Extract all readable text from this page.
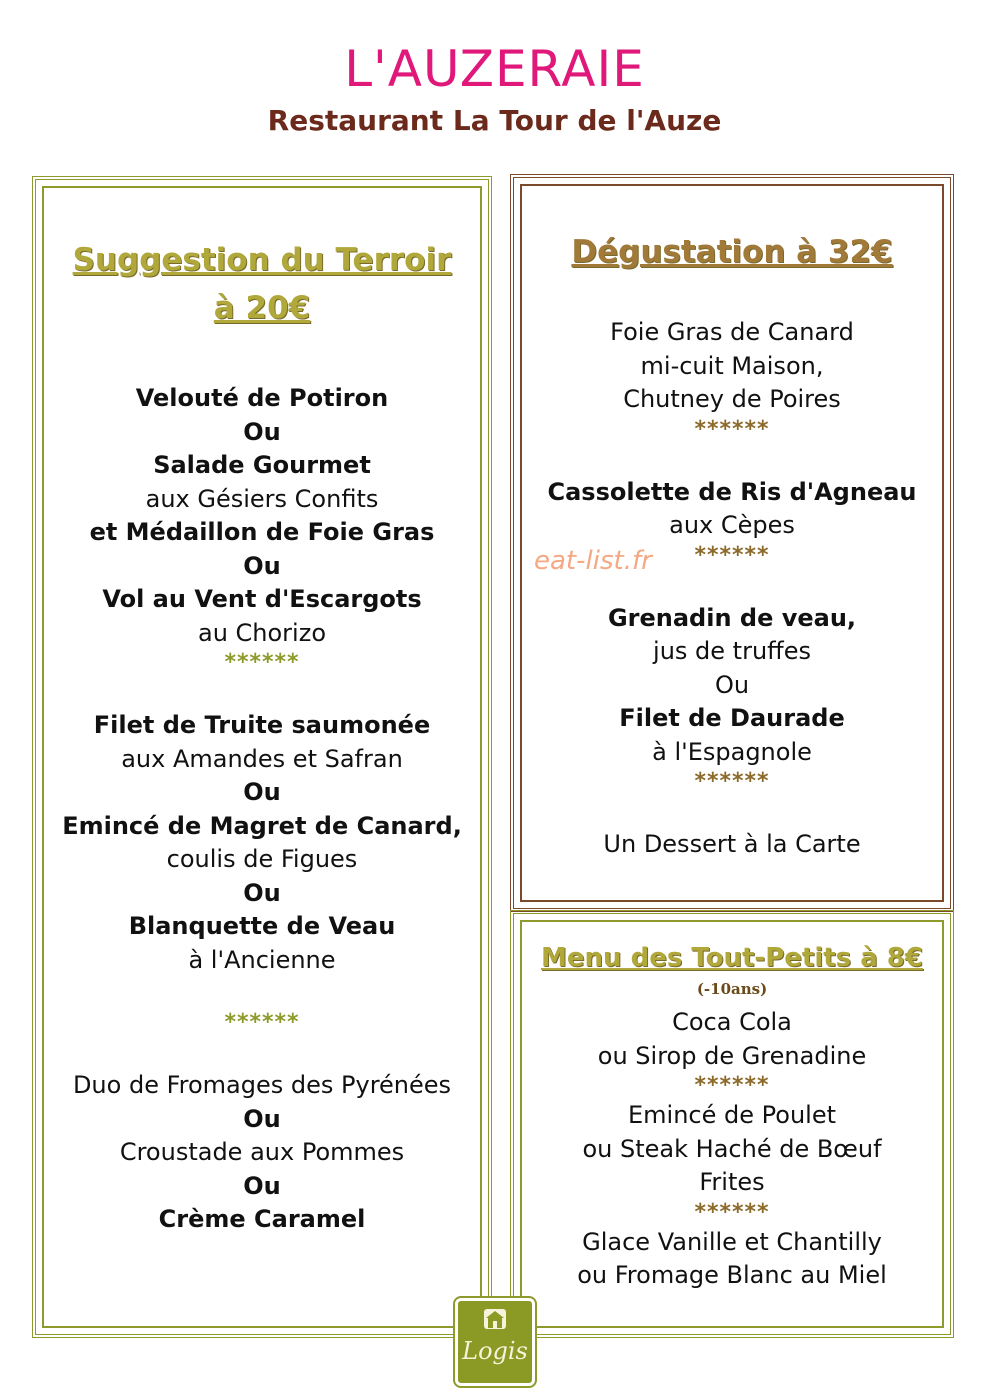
L'AUZERAIE
Restaurant La Tour de l'Auze
Suggestion du Terroir
à 20€
Velouté de Potiron
Ou
Salade Gourmet
aux Gésiers Confits
et Médaillon de Foie Gras
Ou
Vol au Vent d'Escargots
au Chorizo
******
Filet de Truite saumonée
aux Amandes et Safran
Ou
Emincé de Magret de Canard,
coulis de Figues
Ou
Blanquette de Veau
à l'Ancienne
******
Duo de Fromages des Pyrénées
Ou
Croustade aux Pommes
Ou
Crème Caramel
Dégustation à 32€
Foie Gras de Canard
mi-cuit Maison,
Chutney de Poires
******
Cassolette de Ris d'Agneau
aux Cèpes
******
Grenadin de veau,
jus de truffes
Ou
Filet de Daurade
à l'Espagnole
******
Un Dessert à la Carte
Menu des Tout-Petits à 8€
(-10ans)
Coca Cola
ou Sirop de Grenadine
******
Emincé de Poulet
ou Steak Haché de Bœuf
Frites
******
Glace Vanille et Chantilly
ou Fromage Blanc au Miel
eat-list.fr
Logis
